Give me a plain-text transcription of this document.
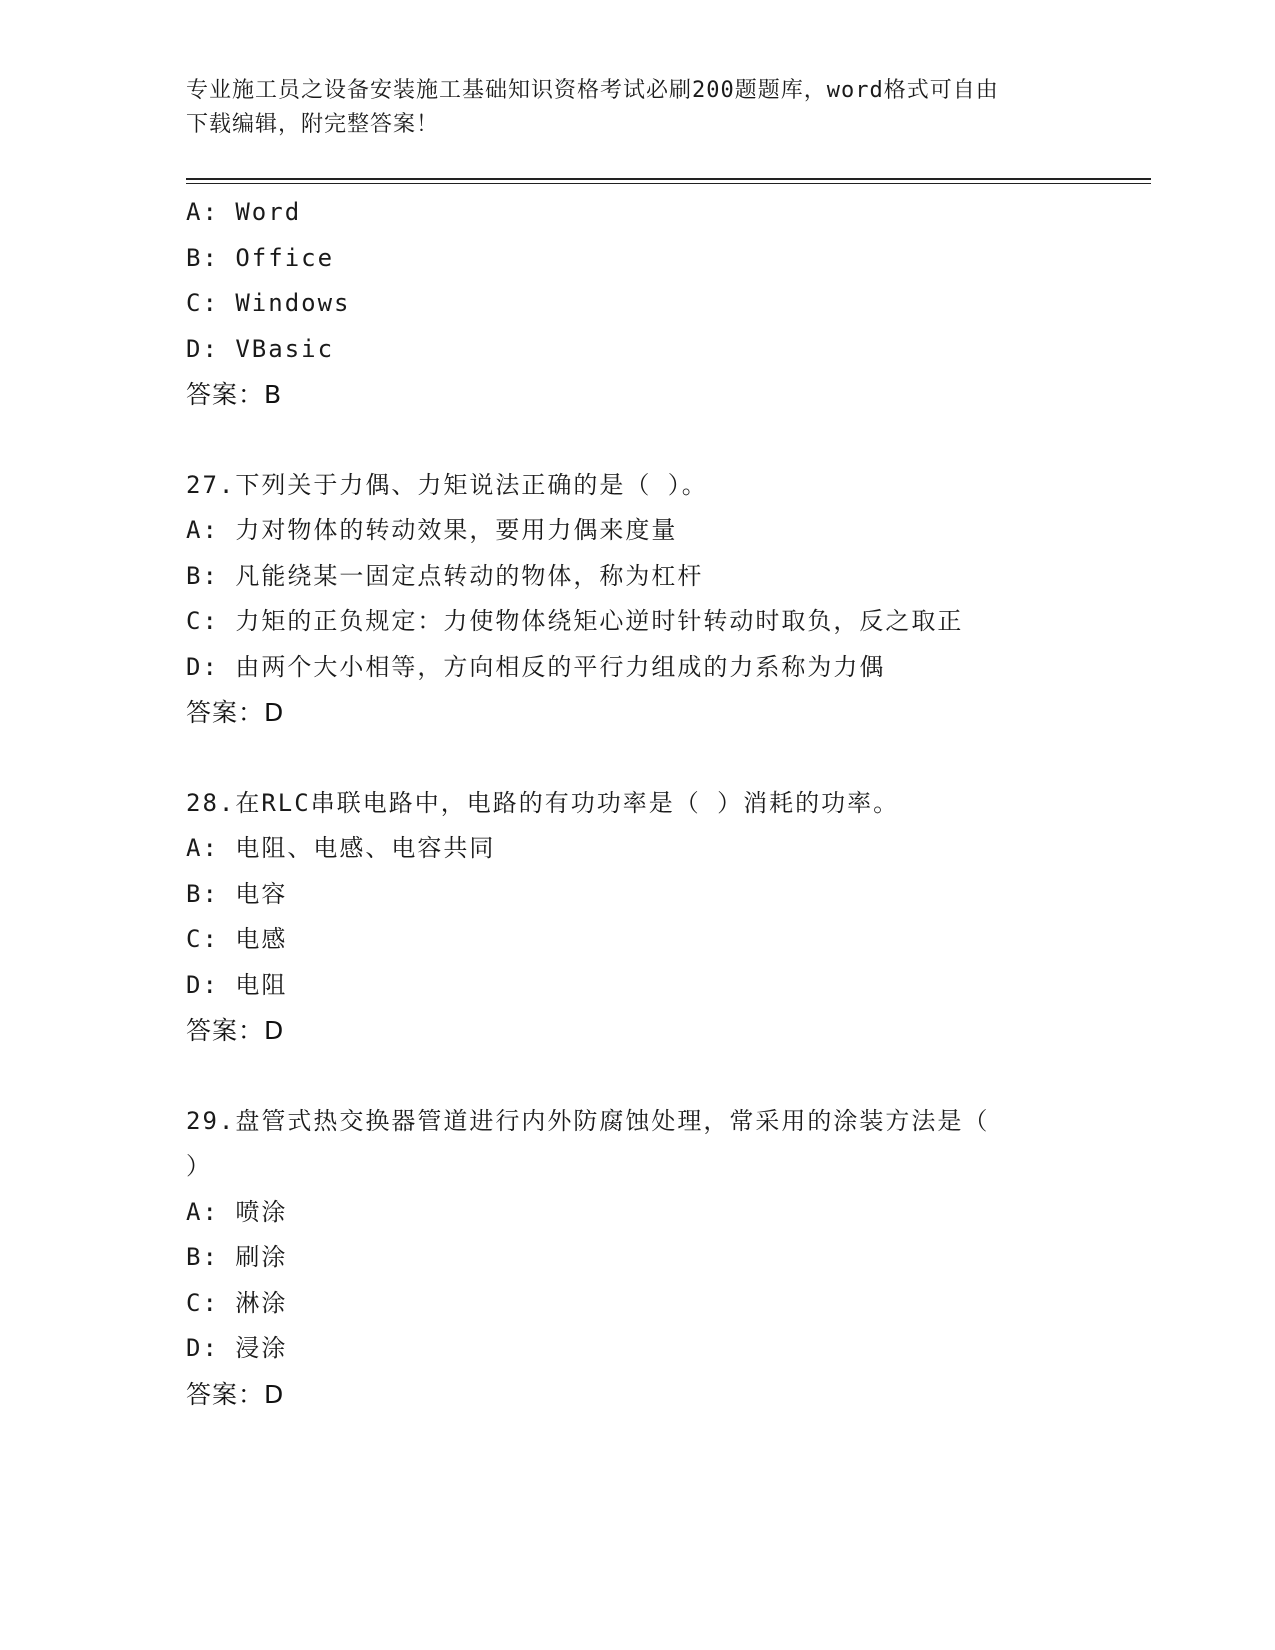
专业施工员之设备安装施工基础知识资格考试必刷200题题库，word格式可自由
下载编辑，附完整答案！
A: Word
B: Office
C: Windows
D: VBasic
答案：B
27.下列关于力偶、力矩说法正确的是（ ）。
A: 力对物体的转动效果，要用力偶来度量
B: 凡能绕某一固定点转动的物体，称为杠杆
C: 力矩的正负规定：力使物体绕矩心逆时针转动时取负，反之取正
D: 由两个大小相等，方向相反的平行力组成的力系称为力偶
答案：D
28.在RLC串联电路中，电路的有功功率是（ ）消耗的功率。
A: 电阻、电感、电容共同
B: 电容
C: 电感
D: 电阻
答案：D
29.盘管式热交换器管道进行内外防腐蚀处理，常采用的涂装方法是（
）
A: 喷涂
B: 刷涂
C: 淋涂
D: 浸涂
答案：D
